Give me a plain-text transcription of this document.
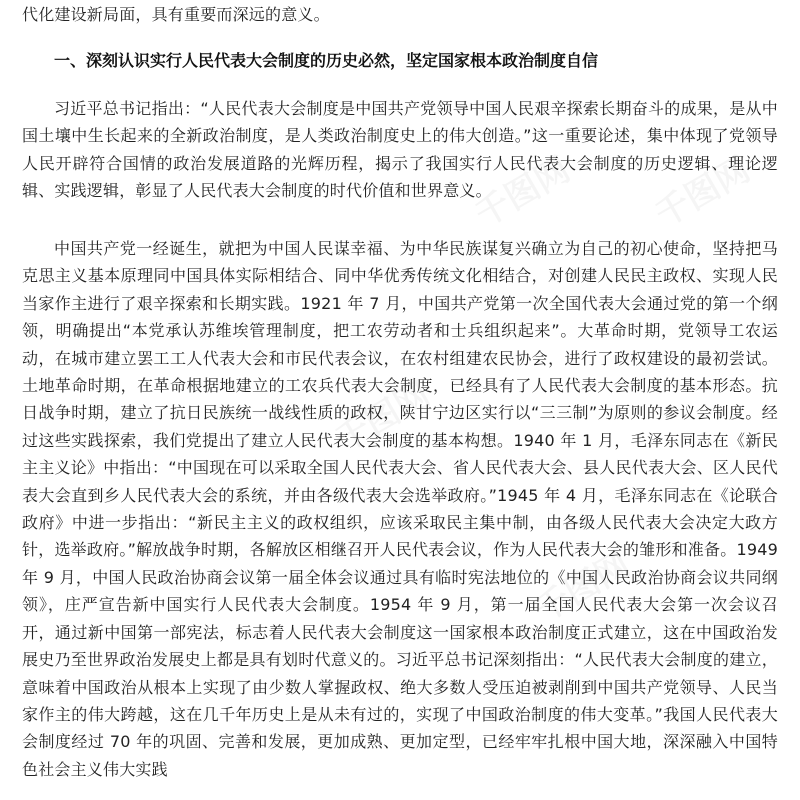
代化建设新局面，具有重要而深远的意义。

一、深刻认识实行人民代表大会制度的历史必然，坚定国家根本政治制度自信

习近平总书记指出：“人民代表大会制度是中国共产党领导中国人民艰辛探索长期奋斗的成果，是从中国土壤中生长起来的全新政治制度，是人类政治制度史上的伟大创造。”这一重要论述，集中体现了党领导人民开辟符合国情的政治发展道路的光辉历程，揭示了我国实行人民代表大会制度的历史逻辑、理论逻辑、实践逻辑，彰显了人民代表大会制度的时代价值和世界意义。

中国共产党一经诞生，就把为中国人民谋幸福、为中华民族谋复兴确立为自己的初心使命，坚持把马克思主义基本原理同中国具体实际相结合、同中华优秀传统文化相结合，对创建人民民主政权、实现人民当家作主进行了艰辛探索和长期实践。1921 年 7 月，中国共产党第一次全国代表大会通过党的第一个纲领，明确提出“本党承认苏维埃管理制度，把工农劳动者和士兵组织起来”。大革命时期，党领导工农运动，在城市建立罢工工人代表大会和市民代表会议，在农村组建农民协会，进行了政权建设的最初尝试。土地革命时期，在革命根据地建立的工农兵代表大会制度，已经具有了人民代表大会制度的基本形态。抗日战争时期，建立了抗日民族统一战线性质的政权，陕甘宁边区实行以“三三制”为原则的参议会制度。经过这些实践探索，我们党提出了建立人民代表大会制度的基本构想。1940 年 1 月，毛泽东同志在《新民主主义论》中指出：“中国现在可以采取全国人民代表大会、省人民代表大会、县人民代表大会、区人民代表大会直到乡人民代表大会的系统，并由各级代表大会选举政府。”1945 年 4 月，毛泽东同志在《论联合政府》中进一步指出：“新民主主义的政权组织，应该采取民主集中制，由各级人民代表大会决定大政方针，选举政府。”解放战争时期，各解放区相继召开人民代表会议，作为人民代表大会的雏形和准备。1949 年 9 月，中国人民政治协商会议第一届全体会议通过具有临时宪法地位的《中国人民政治协商会议共同纲领》，庄严宣告新中国实行人民代表大会制度。1954 年 9 月，第一届全国人民代表大会第一次会议召开，通过新中国第一部宪法，标志着人民代表大会制度这一国家根本政治制度正式建立，这在中国政治发展史乃至世界政治发展史上都是具有划时代意义的。习近平总书记深刻指出：“人民代表大会制度的建立，意味着中国政治从根本上实现了由少数人掌握政权、绝大多数人受压迫被剥削到中国共产党领导、人民当家作主的伟大跨越，这在几千年历史上是从未有过的，实现了中国政治制度的伟大变革。”我国人民代表大会制度经过 70 年的巩固、完善和发展，更加成熟、更加定型，已经牢牢扎根中国大地，深深融入中国特色社会主义伟大实践
